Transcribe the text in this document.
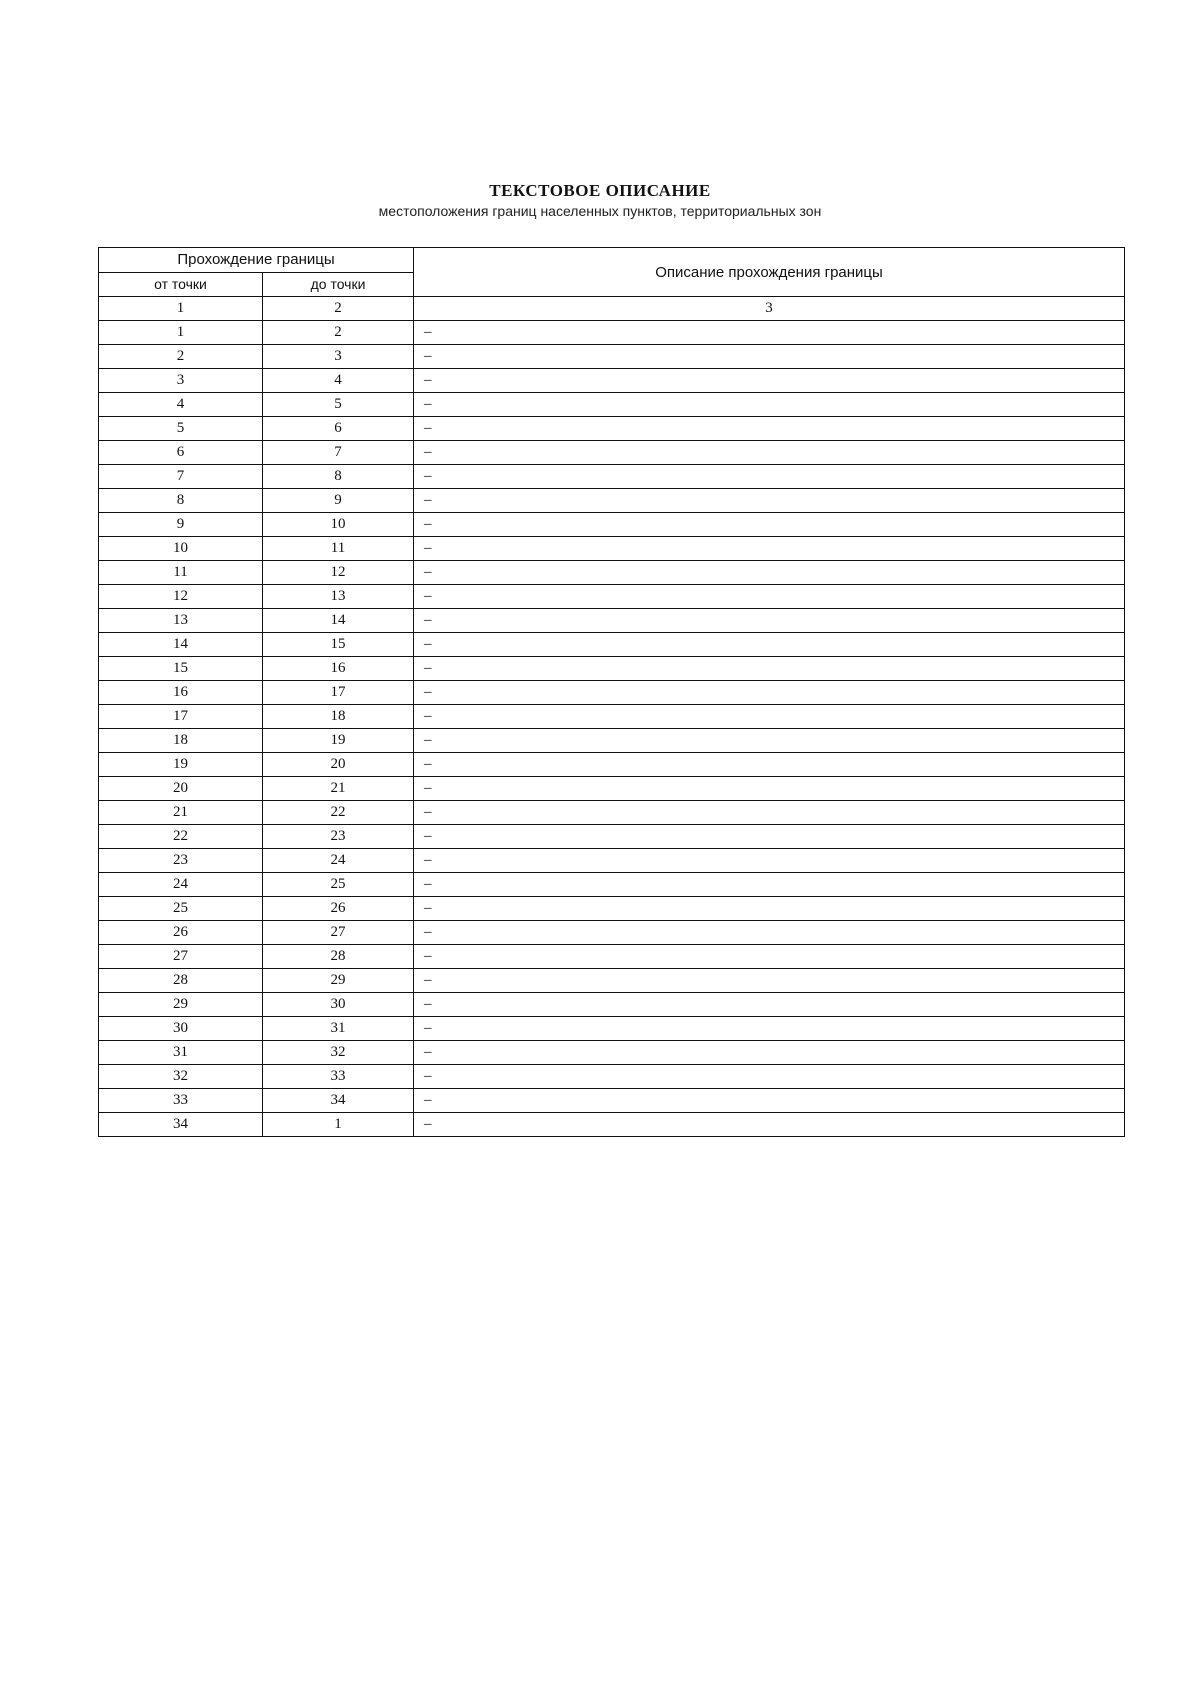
ТЕКСТОВОЕ ОПИСАНИЕ
местоположения границ населенных пунктов, территориальных зон
Прохождение границы		Описание прохождения границы
от точки	до точки	
1	2	3
1	2	–
2	3	–
3	4	–
4	5	–
5	6	–
6	7	–
7	8	–
8	9	–
9	10	–
10	11	–
11	12	–
12	13	–
13	14	–
14	15	–
15	16	–
16	17	–
17	18	–
18	19	–
19	20	–
20	21	–
21	22	–
22	23	–
23	24	–
24	25	–
25	26	–
26	27	–
27	28	–
28	29	–
29	30	–
30	31	–
31	32	–
32	33	–
33	34	–
34	1	–
